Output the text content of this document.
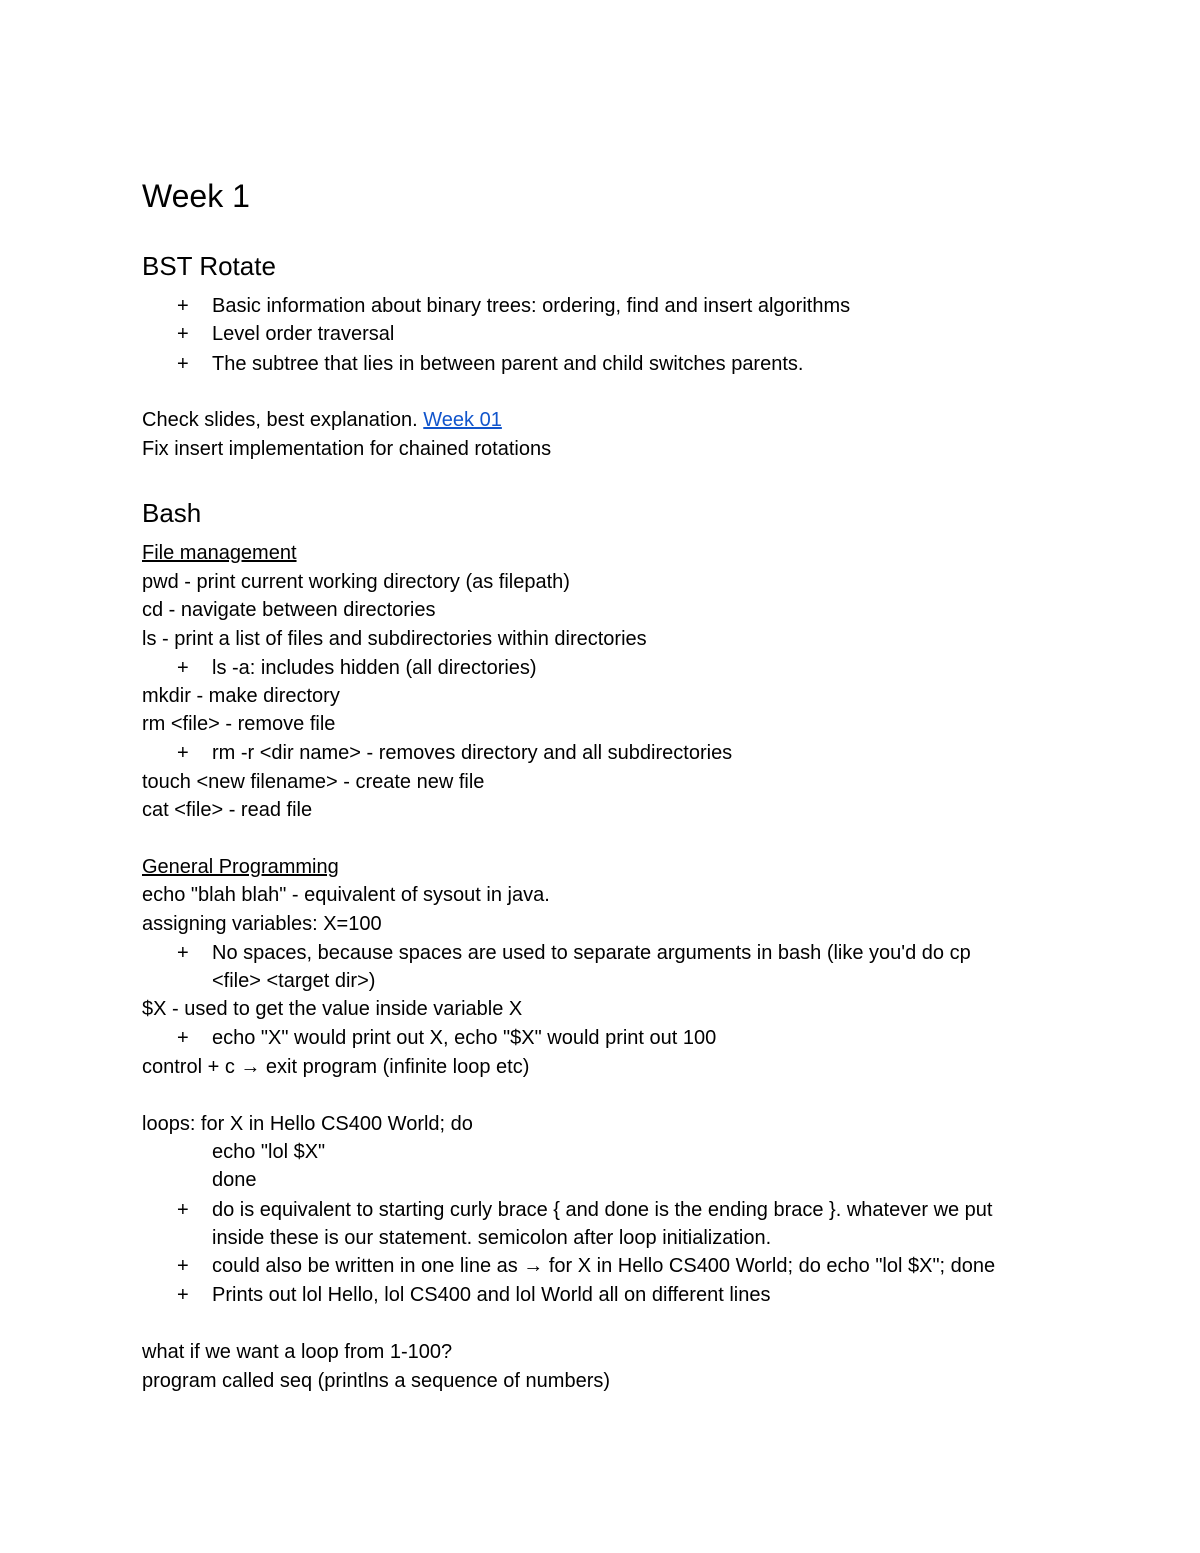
Week 1
BST Rotate
+ Basic information about binary trees: ordering, find and insert algorithms
+ Level order traversal
+ The subtree that lies in between parent and child switches parents.
Check slides, best explanation. Week 01
Fix insert implementation for chained rotations
Bash
File management
pwd - print current working directory (as filepath)
cd - navigate between directories
ls - print a list of files and subdirectories within directories
+ ls -a: includes hidden (all directories)
mkdir - make directory
rm <file> - remove file
+ rm -r <dir name> - removes directory and all subdirectories
touch <new filename> - create new file
cat <file> - read file
General Programming
echo "blah blah" - equivalent of sysout in java.
assigning variables: X=100
+ No spaces, because spaces are used to separate arguments in bash (like you'd do cp
<file> <target dir>)
$X - used to get the value inside variable X
+ echo "X" would print out X, echo "$X" would print out 100
control + c → exit program (infinite loop etc)
loops: for X in Hello CS400 World; do
echo "lol $X"
done
+ do is equivalent to starting curly brace { and done is the ending brace }. whatever we put
inside these is our statement. semicolon after loop initialization.
+ could also be written in one line as → for X in Hello CS400 World; do echo "lol $X"; done
+ Prints out lol Hello, lol CS400 and lol World all on different lines
what if we want a loop from 1-100?
program called seq (printlns a sequence of numbers)
